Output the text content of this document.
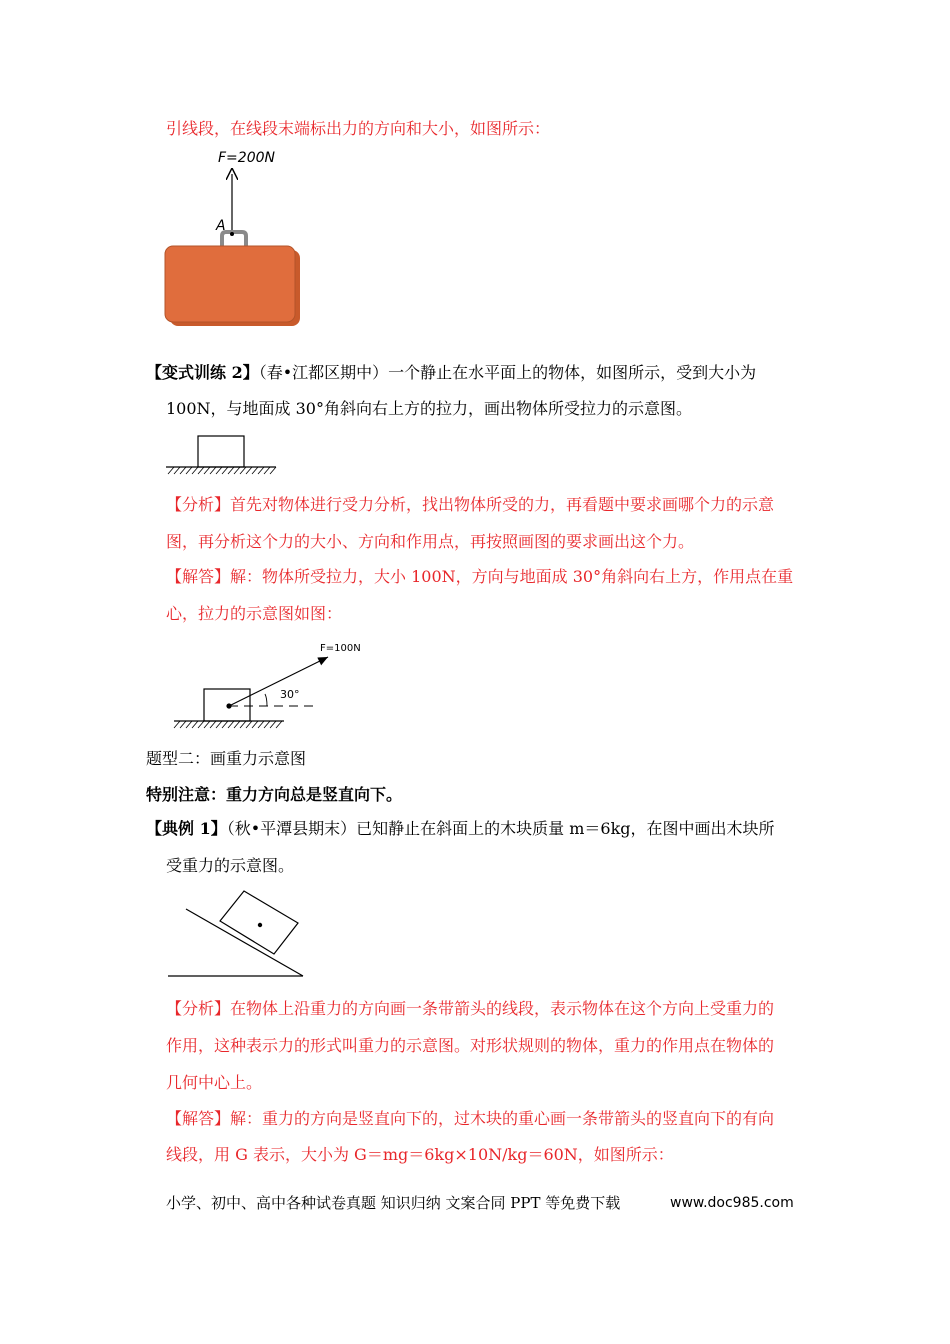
引线段，在线段末端标出力的方向和大小，如图所示：
F=200N
A
【变式训练 2】（春•江都区期中）一个静止在水平面上的物体，如图所示，受到大小为
100N，与地面成 30°角斜向右上方的拉力，画出物体所受拉力的示意图。
【分析】首先对物体进行受力分析，找出物体所受的力，再看题中要求画哪个力的示意
图，再分析这个力的大小、方向和作用点，再按照画图的要求画出这个力。
【解答】解：物体所受拉力，大小 100N，方向与地面成 30°角斜向右上方，作用点在重
心，拉力的示意图如图：
F=100N
30°
题型二：画重力示意图
特别注意：重力方向总是竖直向下。
【典例 1】（秋•平潭县期末）已知静止在斜面上的木块质量 m＝6kg，在图中画出木块所
受重力的示意图。
【分析】在物体上沿重力的方向画一条带箭头的线段，表示物体在这个方向上受重力的
作用，这种表示力的形式叫重力的示意图。对形状规则的物体，重力的作用点在物体的
几何中心上。
【解答】解：重力的方向是竖直向下的，过木块的重心画一条带箭头的竖直向下的有向
线段，用 G 表示，大小为 G＝mg＝6kg×10N/kg＝60N，如图所示：
小学、初中、高中各种试卷真题 知识归纳 文案合同 PPT 等免费下载	www.doc985.com
